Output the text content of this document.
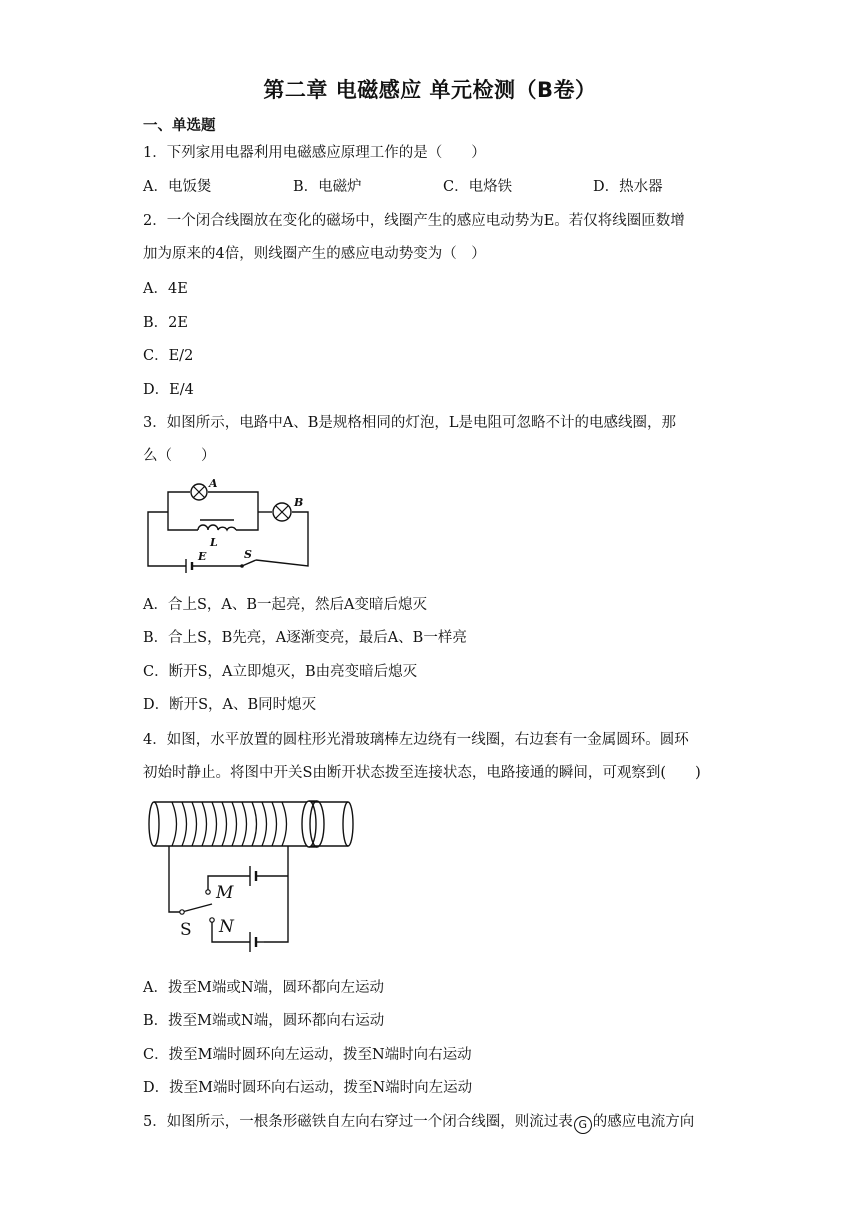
第二章 电磁感应 单元检测（B卷）
一、单选题
1．下列家用电器利用电磁感应原理工作的是（　　）
A．电饭煲	B．电磁炉	C．电烙铁	D．热水器
2．一个闭合线圈放在变化的磁场中，线圈产生的感应电动势为E。若仅将线圈匝数增
加为原来的4倍，则线圈产生的感应电动势变为（　）
A．4E
B．2E
C．E/2
D．E/4
3．如图所示，电路中A、B是规格相同的灯泡，L是电阻可忽略不计的电感线圈，那
么（　　）
A
B
L
E	S
A．合上S，A、B一起亮，然后A变暗后熄灭
B．合上S，B先亮，A逐渐变亮，最后A、B一样亮
C．断开S，A立即熄灭，B由亮变暗后熄灭
D．断开S，A、B同时熄灭
4．如图，水平放置的圆柱形光滑玻璃棒左边绕有一线圈，右边套有一金属圆环。圆环
初始时静止。将图中开关S由断开状态拨至连接状态，电路接通的瞬间，可观察到(　　)
M
N
S
A．拨至M端或N端，圆环都向左运动
B．拨至M端或N端，圆环都向右运动
C．拨至M端时圆环向左运动，拨至N端时向右运动
D．拨至M端时圆环向右运动，拨至N端时向左运动
5．如图所示，一根条形磁铁自左向右穿过一个闭合线圈，则流过表 G 的感应电流方向
